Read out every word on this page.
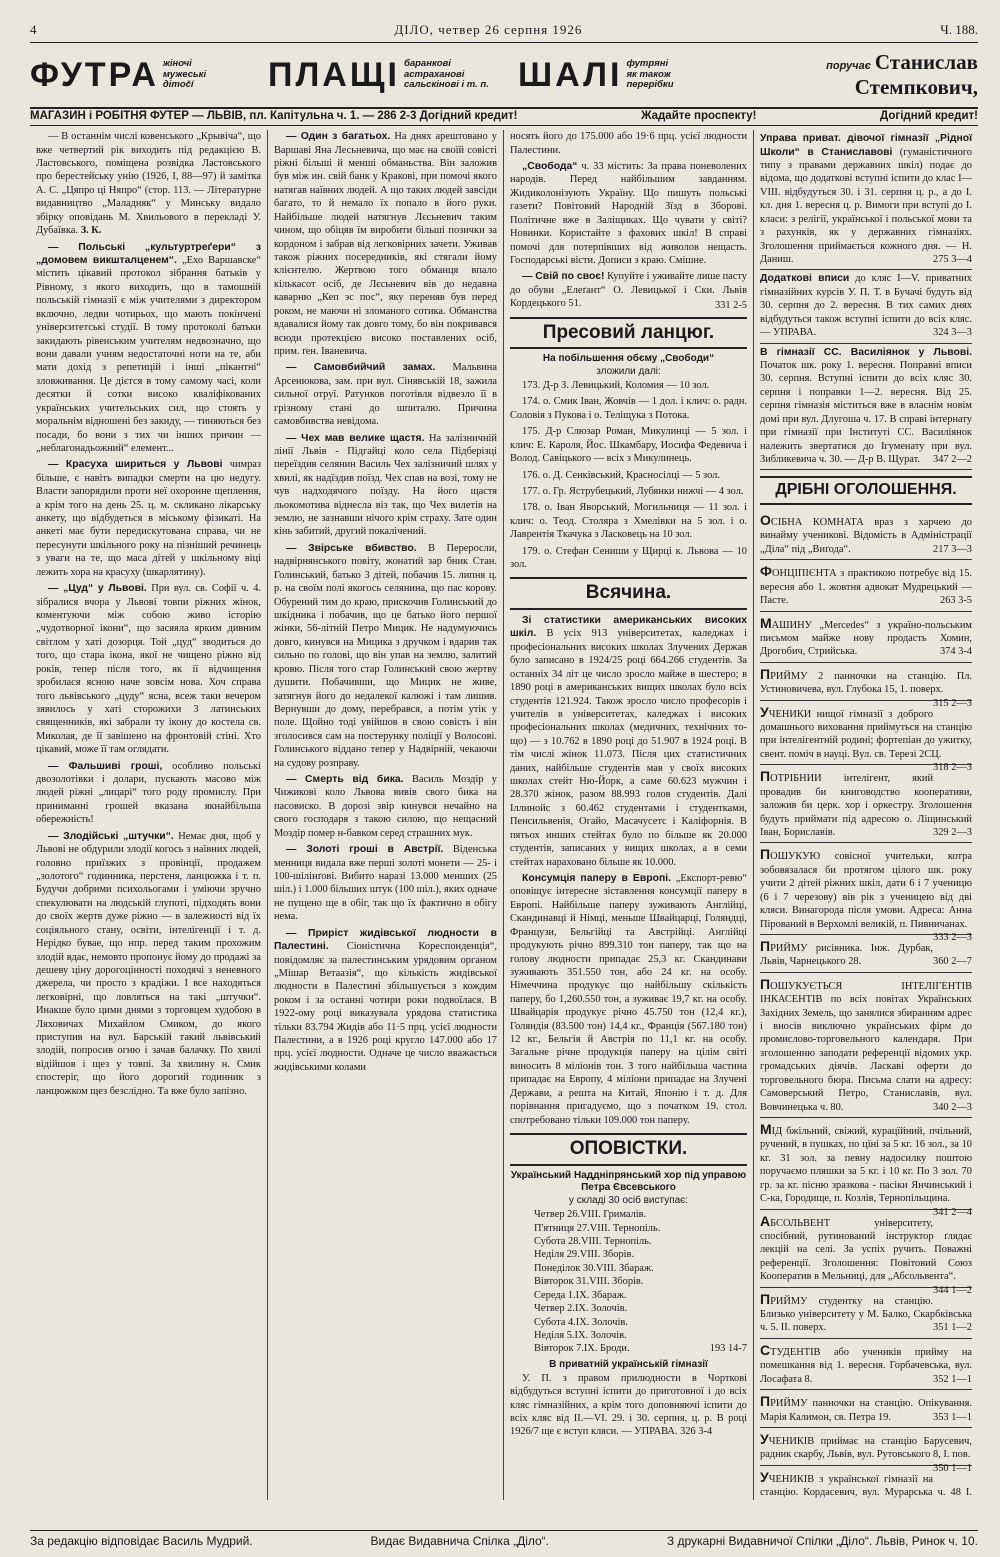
4	ДІЛО, четвер 26 серпня 1926	Ч. 188.
ФУТРА жіночі
мужеські
дітočí	ПЛАЩІ баранкові
астраханові
сальскінові і т. п. ШАЛІ футряні
як також
перерібки
поручає Станислав Стемпкович,
МАГАЗИН і РОБІТНЯ ФУТЕР — ЛЬВІВ, пл. Капітульна ч. 1. — 286 2-3 Догідний кредит!	Жадайте проспекту!	Догідний кредит!

— В останнім числі ковенського „Крывіча“, що вже четвертий рік виходить під редакцією В. Ластовського, поміщена розвідка Ластовського про берестейську унію (1926, І, 88—97) й замітка А. С. „Цяпро ці Няпро“ (стор. 113. — Літературне видавництво „Маладняк“ у Минську видало збірку оповідань М. Хвильового в перекладі У. Дубаївка. З. К.

— Польські „культуртреґери“ з „домовем викшталценем“. „Ехо Варшавске“ містить цікавий протокол зібрання батьків у Рівному, з якого виходить, що в тамошній польській гімназії є між учителями з директором включно, ледви чотирьох, що мають покінчені університетські студії. В тому протоколі батьки закидають рівенським учителям недвозначно, що вони давали учням недостаточні ноти на те, аби мати дохід з репетицій і інші „пікантні“ зловживання. Це дієтся в тому самому часі, коли десятки й сотки високо кваліфікованих українських учительських сил, що стоять у моральнім відношені без закиду, — тиняються без посади, бо вони з тих чи інших причин — „неблагонадьожний“ елемент...

— Красуха шириться у Львові чимраз більше, є навіть випадки смерти на цю недугу. Власти запорядили проти неї охоронне щеплення, а крім того на день 25. ц. м. скликано лікарську анкету, що відбудеться в міському фізикаті. На анкеті має бути передискутована справа, чи не пересунути шкільного року на пізніший речинець з уваги на те, що маса дітей у шкільному віці лежить хора на красуху (шкарлятину).

— „Цуд“ у Львові. При вул. св. Софії ч. 4. зібралися вчора у Львові товпи ріжних жінок, коментуючи між собою живо історію „чудотворної ікони“, що засяяла ярким дивним світлом у хаті дозорця. Той „цуд“ зводиться до того, що стара ікона, якої не чищено ріжно від років, тепер після того, як ії відчищення зробилася ясною наче зовсім нова. Хоч справа того львівського „цуду“ ясна, всеж таки вечером зявилось у хаті сторожихи 3 латинських священників, які забрали ту ікону до костела св. Миколая, де її завішено на фронтовій стіні. Хто цікавий, може її там оглядати.

— Фальшиві гроші, особливо польські двозолотівки і долари, пускають масово між людей ріжні „лицарі“ того роду промислу. При приниманні грошей вказана якнайбільша обережність!

— Злодійські „штучки“. Немає дня, щоб у Львові не обдурили злодії когось з наївних людей, головно приїзжих з провінції, продажем „золотого“ годинника, перстеня, ланцюжка і т. п. Будучи добрими психольогами і уміючи зручно спекулювати на людській глупоті, підходять вони до своїх жертв дуже ріжно — в залежності від їх соціяльного стану, освіти, інтелігенції і т. д. Нерідко бувае, що нпр. перед таким прохожим злодій вдає, немовто пропонує йому до продажі за дешеву ціну дорогоцінності походячі з неневного джерела, чи просто з крадіжи. І все находяться легковірні, що ловляться на такі „штучки“. Инакше було цими днями з торговцем худобою в Ляховичах Михайлом Смиком, до якого приступив на вул. Барській такий львівський злодій, попросив огню і зачав балачку. По хвилі відійшов і щез у товпі. За хвилину н. Смик спостеріг, що його дорогий годинник з ланцюжком щез безслідно. Та вже було запізно.

— Один з багатьох. На днях арештовано у Варшаві Яна Лесьневича, що має на своїй совісті ріжні більші й менші обманьства. Він заложив був між ин. свій банк у Кракові, при помочі якого натягав наївних людей. А що таких людей завсіди багато, то й немало їх попало в його руки. Найбільше людей натягнув Лєсьневич таким чином, що обіцяв їм виробити більші позички за кордоном і забрав від легковірних зачети. Уживав також ріжних посередників, які стягали йому клієнтелю. Жертвою того обманця впало кількасот осіб, де Лєсьневич вів до недавна каварню „Кеп эс пос“, яку переняв був перед роком, не маючи ні зломаного сотика. Обманства вдавалися йому так довго тому, бо він покривався всюди протекцією високо поставлених осіб, прим. ґен. Іваневича.

— Самовбийчий замах. Мальвина Арсенюкова, зам. при вул. Сінявській 18, зажила сильної отруї. Ратунков поготівля відвезло її в грізному стані до шпиталю. Причина самовбивства невідома.

— Чех мав велике щастя. На залізничній лінії Львів - Підгайці коло села Підберізці переїздив селянин Василь Чех залізничий шлях у хвилі, як надїздив поїзд. Чех спав на возі, тому не чув надходячого поїзду. На його щастя льокомотива віднесла віз так, що Чех вилетів на землю, не зазнавши нічого крім страху. Зате один кінь забитий, другий покалічений.

— Звірське вбивство. В Переросли, надвірнянського повіту, жонатий зар бник Стан. Голинський, батько 3 дітей, побачив 15. липня ц. р. на своїм полі якогось селянина, що пас корову. Обурений тим до краю, прискочив Голинський до шкідника і побачив, що це батько його першої жінки, 56-літній Петро Мицик. Не надумуючись довго, кинувся на Мицика з дручком і вдарив так сильно по голові, що він упав на землю, залитий кровю. Після того стар Голинський свою жертву душити. Побачивши, що Мицик не живе, затягнув його до недалекої калюжі і там лишив. Вернувши до дому, перебрався, а потім утік у поле. Щойно тоді увійшов в свою совість і він зголосився сам на постерунку поліції у Волосові. Голинського віддано тепер у Надвірній, чекаючи на судову розправу.

— Смерть від бика. Василь Моздір у Чижикові коло Львова вивів свого бика на пасовиско. В дорозі звір кинувся нечайно на свого господаря з такою силою, що нещасний Моздір помер н-бавком серед страшних мук.

— Золоті гроші в Австрії. Віденська менниця видала вже перші золоті монети — 25- і 100-шілінґові. Вибито наразі 13.000 менших (25 шіл.) і 1.000 більших штук (100 шіл.), яких одначе не пущено ще в обіг, так що їх фактично в обігу нема.

— Приріст жидівської людности в Палестині. Сіоністична Кореспонденція“, повідомляє за палестинським урядовим органом „Мішар Ветаазія“, що кількість жидівської людности в Палестині збільшується з кождим роком і за останні чотири роки подвоїлася. В 1922-ому році виказувала урядова статистика тільки 83.794 Жидів або 11·5 прц. усієї людности Палестини, а в 1926 році кругло 147.000 або 17 прц. усієї людности. Одначе це число вважається жидівськими колами

носять його до 175.000 або 19·6 прц. усієї людности Палестини.

„Свобода“ ч. 33 містить: За права поневолених народів. Перед найбільшим завданням. Жидиколонізують Україну. Що пишуть польські газети? Повітовий Народній Зїзд в Зборові. Політичне вже в Заліщиках. Що чувати у світі? Новинки. Користайте з фахових шкіл! В справі помочі для потерпівших від живолов нещасть. Господарські вісти. Дописи з краю. Смішне.

— Свій по своє! Купуйте і уживайте лише пасту до обуви „Елеґант“ О. Левицької і Ски. Львів Кордецького 51.	331 2-5

Пресовий ланцюг.
На побільшення обєму „Свободи“
зложили далі:

173. Д-р З. Левицький, Коломия — 10 зол.

174. о. Смик Іван, Жовчів — 1 дол. і клич: о. радн. Соловія з Пукова і о. Теліщука з Потока.

175. Д-р Слюзар Роман, Микулинці — 5 зол. і клич: Е. Кароля, Йос. Шкамбару, Иосифа Федевича і Волод. Савіцького — всіх з Микулинець.

176. о. Д. Сенківський, Красносілці — 5 зол.

177. о. Гр. Яструбецький, Лубянки нижчі — 4 зол.

178. о. Іван Яворський, Могильниця — 11 зол. і клич: о. Теод. Столяра з Хмелівки на 5 зол. і о. Лаврентія Ткачука з Ласковець на 10 зол.

179. о. Стефан Сениши у Щирці к. Львова — 10 зол.

Всячина.

Зі статистики американських високих шкіл. В усіх 913 університетах, каледжах і професіональних високих школах Злучених Держав було записано в 1924/25 році 664.266 студентів. За останніх 34 літ це число зросло майже в шестеро; в 1890 році в американських вищих школах було всіх студентів 121.924. Також зросло число професорів і учителів в університетах, каледжах і високих професіональних школах (медичних, технічних то-що) — з 10.762 в 1890 році до 51.907 в 1924 році. В тім числі жінок 11.073. Після цих статистичних даних, найбільше студентів мав у своїх високих школах стейт Ню-Йорк, а саме 60.623 мужчин і 28.370 жінок, разом 88.993 голов студентів. Далі Іллинойс з 60.462 студентами і студентками, Пенсильвенія, Огайо, Масачусетс і Каліфорнія. В пятьох инших стейтах було по більше як 20.000 студентів, записаних у вищих школах, а в семи стейтах нараховано більше як 10.000.

Консумція паперу в Европі. „Експорт-ревю“ оповіщує інтересне зіставлення консумції паперу в Европі. Найбільше паперу зуживають Англійці, Скандинавці й Німці, меньше Швайцарці, Голяндці, Французи, Бельгійці та Австрійці. Англійці продукують річно 899.310 тон паперу, так що на голову людности припадає 25,3 кг. Скандинави зуживають 351.550 тон, або 24 кг. на особу. Німеччина продукує що найбільшу скількість паперу, бо 1,260.550 тон, а зуживає 19,7 кг. на особу. Швайцарія продукує річно 45.750 тон (12,4 кг.), Голяндія (83.500 тон) 14,4 кг., Франція (567.180 тон) 12 кг., Бельгія й Австрія по 11,1 кг. на особу. Загальне річне продукція паперу на цілім світі виносить 8 міліонів тон. З того найбільша частина припадає на Европу, 4 міліони припадає на Злучені Держави, а решта на Китай, Японію і т. д. Для порівнання пригадуємо, що з початком 19. стол. спотребовано тільки 109.000 тон паперу.

ОПОВІСТКИ.
Український Наддніпрянський хор під управою Петра Євсевського
у складі 30 осіб виступає:
Четвер 26.VIII. Грималів.
П'ятниця 27.VIII. Тернопіль.
Субота 28.VIII. Тернопіль.
Неділя 29.VIII. Зборів.
Понеділок 30.VIII. Збараж.
Вівторок 31.VIII. Зборів.
Середа 1.IX. Збараж.
Четвер 2.IX. Золочів.
Субота 4.IX. Золочів.
Неділя 5.IX. Золочів.
Вівторок 7.IX. Броди.	193 14-7
В приватній українській гімназії

У. П. з правом прилюдности в Чорткові відбудуться вступні іспити до приготовної і до всіх кляс гімназійних, а крім того доповняючі іспити до всіх кляс від II.—VI. 29. і 30. серпня, ц. р. В році 1926/7 ще є вступ кляси. — УПРАВА. 326 3-4

Управа приват. дівочої гімназії „Рідної Школи“ в Станиславові (гуманістичного типу з правами державних шкіл) подає до відома, що додаткові вступні іспити до клас I—VIII. відбудуться 30. і 31. серпня ц. р., а до I. кл. дня 1. вересня ц. р. Вимоги при вступі до I. класи: з релігії, української і польської мови та з рахунків, як у державних гімназіях. Зголошення приймається кожного дня. — Н. Даниш.	275 3—4

Додаткові вписи до кляс I—V. приватних гімназійних курсів У. П. Т. в Бучачі будуть від 30. серпня до 2. вересня. В тих самих днях відбудуться також вступні іспити до всіх кляс. — УПРАВА.	324 3—3

В гімназії СС. Василіянок у Львові. Початок шк. року 1. вересня. Поправні вписи 30. серпня. Вступні іспити до всіх кляс 30. серпня і поправки 1—2. вересня. Від 25. серпня гімназія міститься вже в власнім новім домі при вул. Длугоша ч. 17. В справі інтернату при гімназії при Інституті СС. Василіянок належить звертатися до Ігуменату при вул. Зибликевича ч. 30. — Д-р В. Щурат. 347 2—2

ДРІБНІ ОГОЛОШЕННЯ.

ОСІБНА КОМНАТА враз з харчею до винайму ученикові. Відомість в Адміністрації „Діла“ під „Виґода“.	217 3—3

ФОНЦІПІЄНТА з практикою потребує від 15. вересня або 1. жовтня адвокат Мудрецький — Пасте.	263 3-5

МАШИНУ „Mercedes“ з україно-польським письмом майже нову продасть Хомин, Дрогобич, Стрийська.	374 3-4

ПРИЙМУ 2 панночки на станцію. Пл. Устиновичева, вул. Глубока 15, 1. поверх.
315 2—3

УЧЕНИКИ нищої гімназії з доброго домашнього виховання приймуться на станцію при інтелігентній родині; фортепіан до ужитку, свент. поміч в науці. Вул. св. Терезі 2СЦ.
318 2—3

ПОТРІБНИИ інтелігент, який провадив би книговодство кооперативи, заложив би церк. хор і оркестру. Зголошення будуть приймати під адресою о. Ліщинський Іван, Бориславів.	329 2—3

ПОШУКУЮ совісної учительки, котра зобовязалася би протягом цілого шк. року учити 2 дітей ріжних шкіл, дати 6 і 7 ученицю (6 і 7 черезову) вів рік з ученицею від дві кляси. Винагорода після умови. Адреса: Анна Пірований в Верхомлі великій, п. Пивничанах.
333 2—3

ПРИЙМУ рисівника. Інж. Дурбак, Львів, Чарнецького 28.	360 2—7

ПОШУКУЄТЬСЯ ІНТЕЛІГЕНТІВ ІНКАСЕНТІВ по всіх повітах Українських Західних Земель, що занялися збиранням адрес і вносів виключно українських фірм до промислово-торговельного календаря. При зголошенню заподати референції відомих укр. громадських діячів. Ласкаві оферти до торговельного бюра. Письма слати на адресу: Самоверський Петро, Станиславів, вул. Вовчинецька ч. 80.	340 2—3

МІД бжільний, свіжий, курацїйний, пчільний, ручений, в пушках, по цїні за 5 кг. 16 зол., за 10 кг. 31 зол. за певну надосилку поштою поручаємо пляшки за 5 кг. і 10 кг. По 3 зол. 70 гр. за кг. пісню зразкова - пасіки Янчинський і С-ка, Городище, п. Козлів, Тернопільщина.
341 2—4

АБСОЛЬВЕНТ університету, спосібний, рутинований інструктор ґлядає лекцій на селі. За успіх ручить. Поважні референції. Зголошення: Повітовий Союз Кооператив в Мельниці, для „Абсольвента“.
344 1—2

ПРИЙМУ студентку на станцію. Близько університету у М. Балко, Скарбківська ч. 5. II. поверх.	351 1—2

СТУДЕНТІВ або учеників прийму на помешкання від 1. вересня. Горбачевська, вул. Лосафата 8.	352 1—1

ПРИЙМУ панночки на станцію. Опікування. Марія Калимон, св. Петра 19.	353 1—1

УЧЕНИКІВ приймає на станцію Барусевич, радник скарбу, Львів, вул. Рутовського 8, I. пов.
350 1—1

УЧЕНИКІВ з української гімназії на станцію. Кордасевич, вул. Мурарська ч. 48 І.

За редакцію відповідає Василь Мудрий.	Видає Видавнича Спілка „Діло“.	З друкарні Видавничої Спілки „Діло“. Львів, Ринок ч. 10.
